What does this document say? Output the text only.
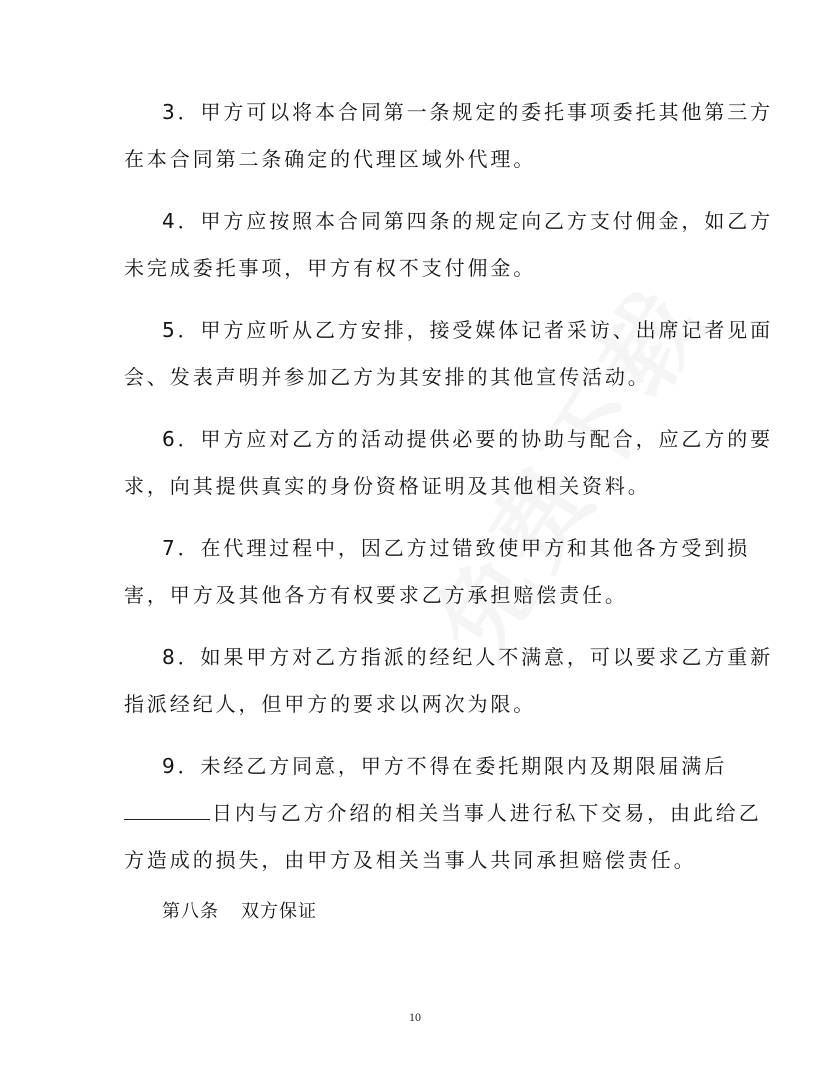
3．甲方可以将本合同第一条规定的委托事项委托其他第三方
在本合同第二条确定的代理区域外代理。
4．甲方应按照本合同第四条的规定向乙方支付佣金，如乙方
未完成委托事项，甲方有权不支付佣金。
5．甲方应听从乙方安排，接受媒体记者采访、出席记者见面
会、发表声明并参加乙方为其安排的其他宣传活动。
6．甲方应对乙方的活动提供必要的协助与配合，应乙方的要
求，向其提供真实的身份资格证明及其他相关资料。
7．在代理过程中，因乙方过错致使甲方和其他各方受到损
害，甲方及其他各方有权要求乙方承担赔偿责任。
8．如果甲方对乙方指派的经纪人不满意，可以要求乙方重新
指派经纪人，但甲方的要求以两次为限。
9．未经乙方同意，甲方不得在委托期限内及期限届满后
日内与乙方介绍的相关当事人进行私下交易，由此给乙
方造成的损失，由甲方及相关当事人共同承担赔偿责任。
第八条 双方保证
10
